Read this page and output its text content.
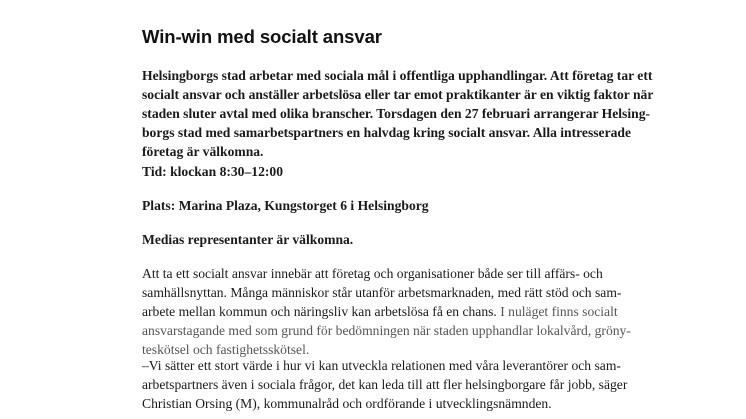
Win-win med socialt ansvar
Helsingborgs stad arbetar med sociala mål i offentliga upphandlingar. Att företag tar ett
socialt ansvar och anställer arbetslösa eller tar emot praktikanter är en viktig faktor när
staden sluter avtal med olika branscher. Torsdagen den 27 februari arrangerar Helsing-
borgs stad med samarbetspartners en halvdag kring socialt ansvar. Alla intresserade
företag är välkomna.
Tid: klockan 8:30–12:00
Plats: Marina Plaza, Kungstorget 6 i Helsingborg
Medias representanter är välkomna.
Att ta ett socialt ansvar innebär att företag och organisationer både ser till affärs- och
samhällsnyttan. Många människor står utanför arbetsmarknaden, med rätt stöd och sam-
arbete mellan kommun och näringsliv kan arbetslösa få en chans. I nuläget finns socialt
ansvarstagande med som grund för bedömningen när staden upphandlar lokalvård, gröny-
teskötsel och fastighetsskötsel.
–Vi sätter ett stort värde i hur vi kan utveckla relationen med våra leverantörer och sam-
arbetspartners även i sociala frågor, det kan leda till att fler helsingborgare får jobb, säger
Christian Orsing (M), kommunalråd och ordförande i utvecklingsnämnden.
